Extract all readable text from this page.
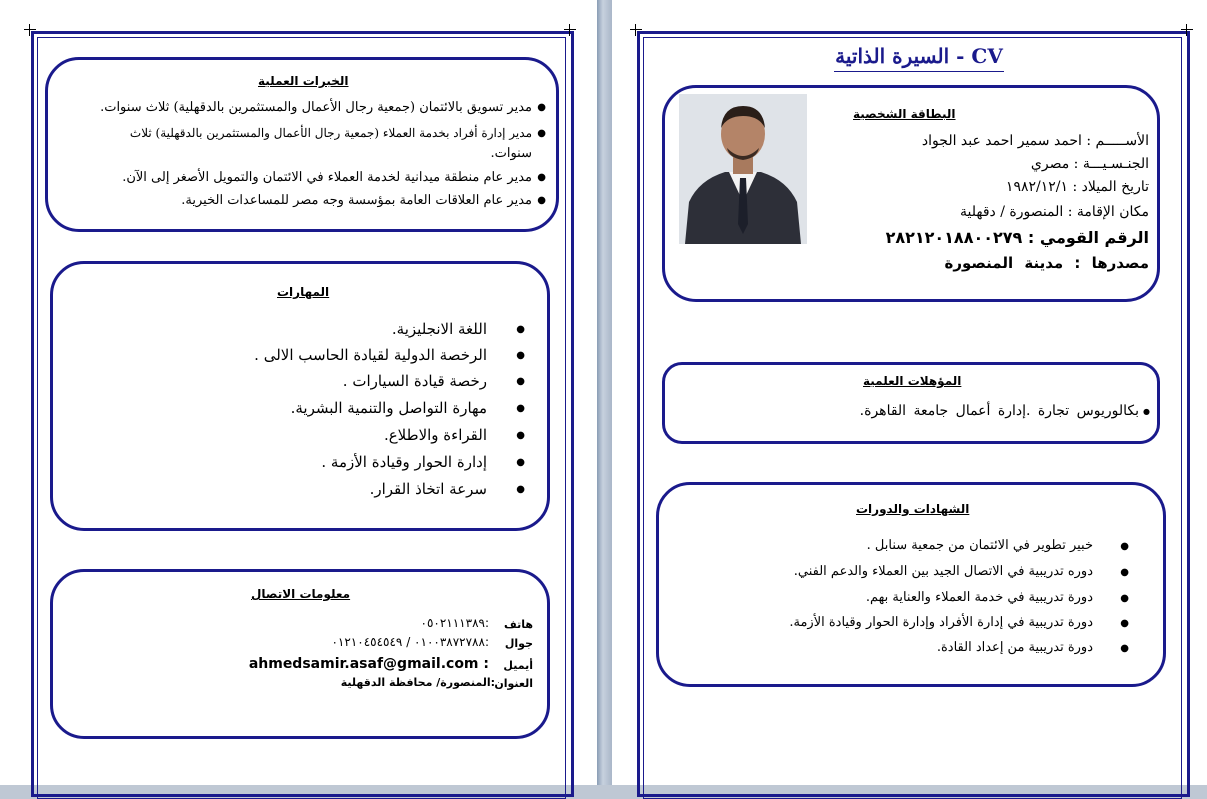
الخبرات العملية
مدير تسويق بالائتمان (جمعية رجال الأعمال والمستثمرين بالدقهلية) ثلاث سنوات. ●
مدير إدارة أفراد بخدمة العملاء (جمعية رجال الأعمال والمستثمرين بالدقهلية) ثلاث ●
سنوات.
مدير عام منطقة ميدانية لخدمة العملاء في الائتمان والتمويل الأصغر إلى الآن. ●
مدير عام العلاقات العامة بمؤسسة وجه مصر للمساعدات الخيرية. ●
المهارات
اللغة الانجليزية.	●
الرخصة الدولية لقيادة الحاسب الالى .	●
رخصة قيادة السيارات .	●
مهارة التواصل والتنمية البشرية.	●
القراءة والاطلاع.	●
إدارة الحوار وقيادة الأزمة .	●
سرعة اتخاذ القرار.	●
معلومات الاتصال
هاتف
:٠٥٠٢١١١٣٨٩
جوال
:٠١٠٠٣٨٧٢٧٨٨ / ٠١٢١٠٤٥٤٥٤٩
أيميل
ahmedsamir.asaf@gmail.com :
العنوان
:المنصورة/ محافظة الدقهلية
CV - السيرة الذاتية
البطاقة الشخصية
الأســـــم : احمد سمير احمد عبد الجواد
الجنـسـيـــة : مصري
تاريخ الميلاد : ١٩٨٢/١٢/١
مكان الإقامة : المنصورة / دقهلية
الرقم القومي : ٢٨٢١٢٠١٨٨٠٠٢٧٩
مصدرها : مدينة المنصورة
المؤهلات العلمية
بكالوريوس تجارة .إدارة أعمال جامعة القاهرة. ●
الشهادات والدورات
خبير تطوير في الائتمان من جمعية سنابل .	●
دوره تدريبية في الاتصال الجيد بين العملاء والدعم الفني.	●
دورة تدريبية في خدمة العملاء والعناية بهم.	●
دورة تدريبية في إدارة الأفراد وإدارة الحوار وقيادة الأزمة.	●
دورة تدريبية من إعداد القادة.	●
